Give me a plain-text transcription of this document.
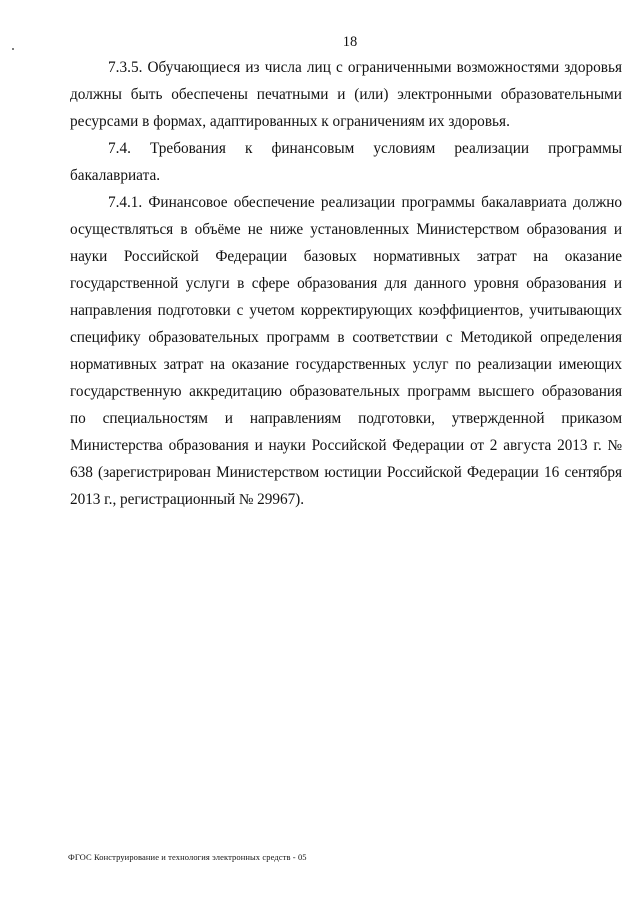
18

7.3.5. Обучающиеся из числа лиц с ограниченными возможностями здоровья должны быть обеспечены печатными и (или) электронными образовательными ресурсами в формах, адаптированных к ограничениям их здоровья.

7.4. Требования к финансовым условиям реализации программы бакалавриата.

7.4.1. Финансовое обеспечение реализации программы бакалавриата должно осуществляться в объёме не ниже установленных Министерством образования и науки Российской Федерации базовых нормативных затрат на оказание государственной услуги в сфере образования для данного уровня образования и направления подготовки с учетом корректирующих коэффициентов, учитывающих специфику образовательных программ в соответствии с Методикой определения нормативных затрат на оказание государственных услуг по реализации имеющих государственную аккредитацию образовательных программ высшего образования по специальностям и направлениям подготовки, утвержденной приказом Министерства образования и науки Российской Федерации от 2 августа 2013 г. № 638 (зарегистрирован Министерством юстиции Российской Федерации 16 сентября 2013 г., регистрационный № 29967).

ФГОС Конструирование и технология электронных средств - 05
